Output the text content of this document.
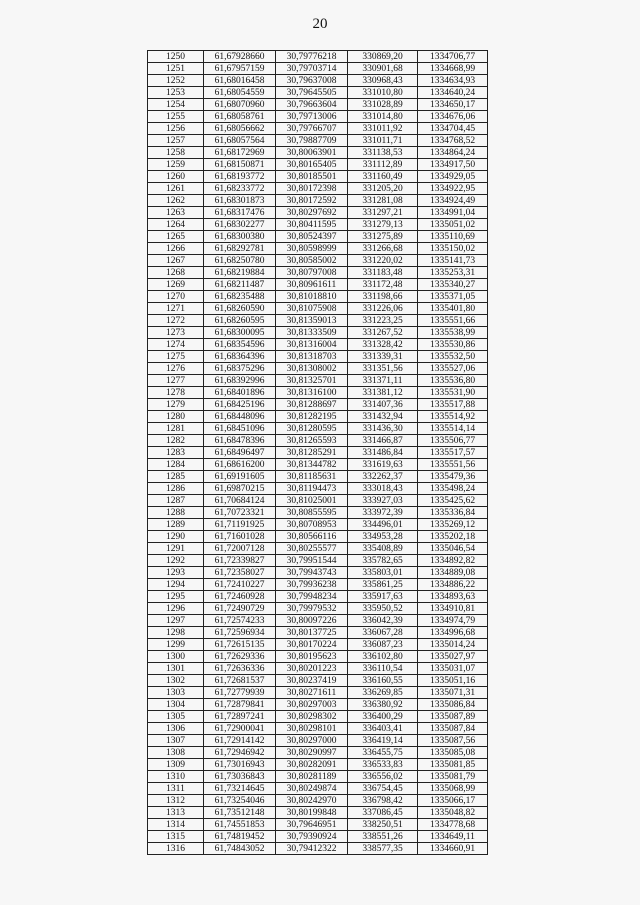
20
1250	61,67928660	30,79776218	330869,20	1334706,77
1251	61,67957159	30,79703714	330901,68	1334668,99
1252	61,68016458	30,79637008	330968,43	1334634,93
1253	61,68054559	30,79645505	331010,80	1334640,24
1254	61,68070960	30,79663604	331028,89	1334650,17
1255	61,68058761	30,79713006	331014,80	1334676,06
1256	61,68056662	30,79766707	331011,92	1334704,45
1257	61,68057564	30,79887709	331011,71	1334768,52
1258	61,68172969	30,80063901	331138,53	1334864,24
1259	61,68150871	30,80165405	331112,89	1334917,50
1260	61,68193772	30,80185501	331160,49	1334929,05
1261	61,68233772	30,80172398	331205,20	1334922,95
1262	61,68301873	30,80172592	331281,08	1334924,49
1263	61,68317476	30,80297692	331297,21	1334991,04
1264	61,68302277	30,80411595	331279,13	1335051,02
1265	61,68300380	30,80524397	331275,89	1335110,69
1266	61,68292781	30,80598999	331266,68	1335150,02
1267	61,68250780	30,80585002	331220,02	1335141,73
1268	61,68219884	30,80797008	331183,48	1335253,31
1269	61,68211487	30,80961611	331172,48	1335340,27
1270	61,68235488	30,81018810	331198,66	1335371,05
1271	61,68260590	30,81075908	331226,06	1335401,80
1272	61,68260595	30,81359013	331223,25	1335551,66
1273	61,68300095	30,81333509	331267,52	1335538,99
1274	61,68354596	30,81316004	331328,42	1335530,86
1275	61,68364396	30,81318703	331339,31	1335532,50
1276	61,68375296	30,81308002	331351,56	1335527,06
1277	61,68392996	30,81325701	331371,11	1335536,80
1278	61,68401896	30,81316100	331381,12	1335531,90
1279	61,68425196	30,81288697	331407,36	1335517,88
1280	61,68448096	30,81282195	331432,94	1335514,92
1281	61,68451096	30,81280595	331436,30	1335514,14
1282	61,68478396	30,81265593	331466,87	1335506,77
1283	61,68496497	30,81285291	331486,84	1335517,57
1284	61,68616200	30,81344782	331619,63	1335551,56
1285	61,69191605	30,81185631	332262,37	1335479,36
1286	61,69870215	30,81194473	333018,43	1335498,24
1287	61,70684124	30,81025001	333927,03	1335425,62
1288	61,70723321	30,80855595	333972,39	1335336,84
1289	61,71191925	30,80708953	334496,01	1335269,12
1290	61,71601028	30,80566116	334953,28	1335202,18
1291	61,72007128	30,80255577	335408,89	1335046,54
1292	61,72339827	30,79951544	335782,65	1334892,82
1293	61,72358027	30,79943743	335803,01	1334889,08
1294	61,72410227	30,79936238	335861,25	1334886,22
1295	61,72460928	30,79948234	335917,63	1334893,63
1296	61,72490729	30,79979532	335950,52	1334910,81
1297	61,72574233	30,80097226	336042,39	1334974,79
1298	61,72596934	30,80137725	336067,28	1334996,68
1299	61,72615135	30,80170224	336087,23	1335014,24
1300	61,72629336	30,80195623	336102,80	1335027,97
1301	61,72636336	30,80201223	336110,54	1335031,07
1302	61,72681537	30,80237419	336160,55	1335051,16
1303	61,72779939	30,80271611	336269,85	1335071,31
1304	61,72879841	30,80297003	336380,92	1335086,84
1305	61,72897241	30,80298302	336400,29	1335087,89
1306	61,72900041	30,80298101	336403,41	1335087,84
1307	61,72914142	30,80297000	336419,14	1335087,56
1308	61,72946942	30,80290997	336455,75	1335085,08
1309	61,73016943	30,80282091	336533,83	1335081,85
1310	61,73036843	30,80281189	336556,02	1335081,79
1311	61,73214645	30,80249874	336754,45	1335068,99
1312	61,73254046	30,80242970	336798,42	1335066,17
1313	61,73512148	30,80199848	337086,45	1335048,82
1314	61,74551853	30,79646951	338250,51	1334778,68
1315	61,74819452	30,79390924	338551,26	1334649,11
1316	61,74843052	30,79412322	338577,35	1334660,91
